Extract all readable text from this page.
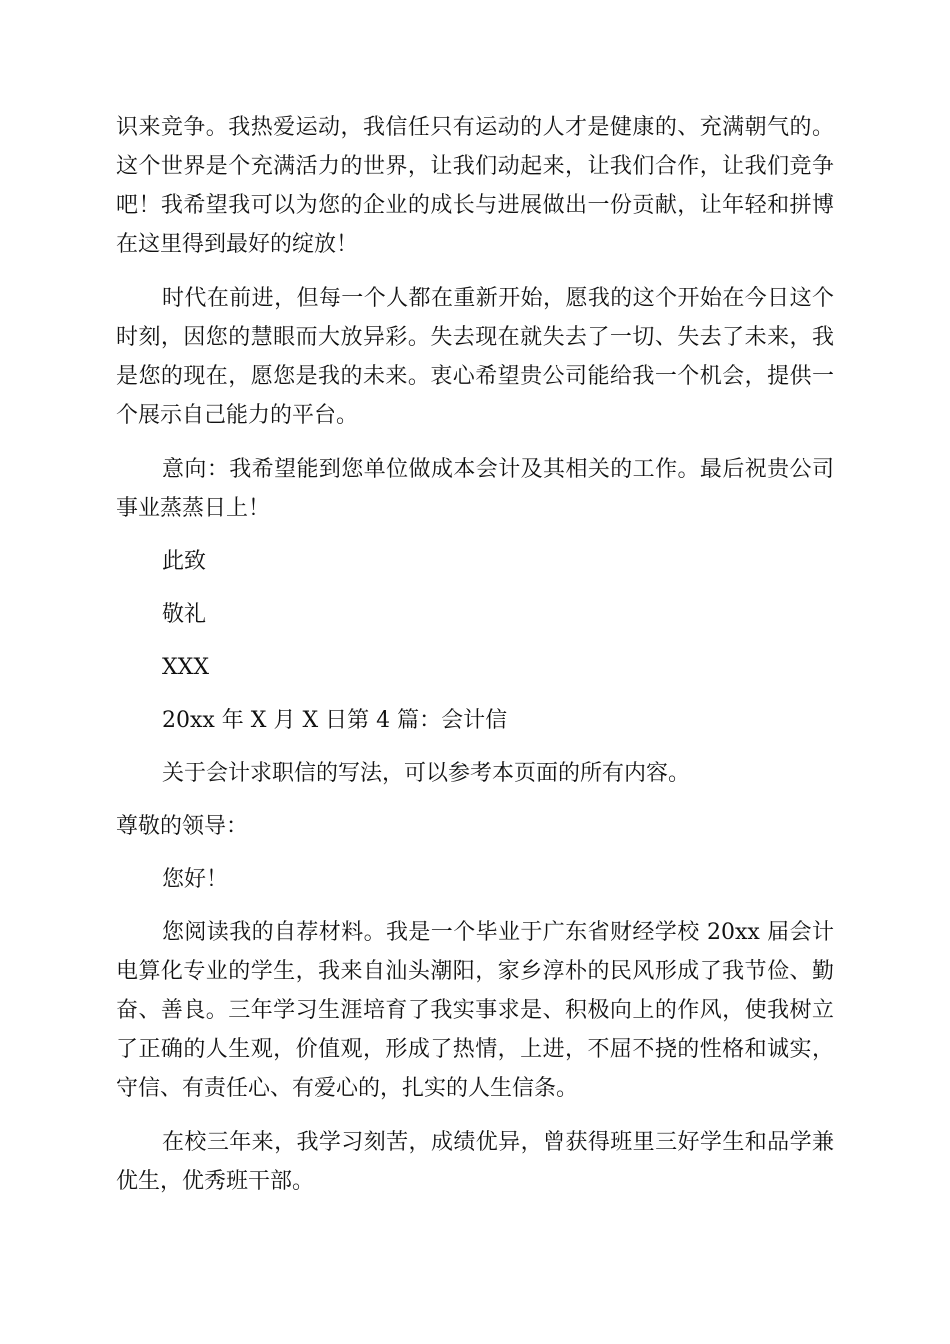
识来竞争。我热爱运动，我信任只有运动的人才是健康的、充满朝气的。这个世界是个充满活力的世界，让我们动起来，让我们合作，让我们竞争吧！我希望我可以为您的企业的成长与进展做出一份贡献，让年轻和拼博在这里得到最好的绽放！

时代在前进，但每一个人都在重新开始，愿我的这个开始在今日这个时刻，因您的慧眼而大放异彩。失去现在就失去了一切、失去了未来，我是您的现在，愿您是我的未来。衷心希望贵公司能给我一个机会，提供一个展示自己能力的平台。

意向：我希望能到您单位做成本会计及其相关的工作。最后祝贵公司事业蒸蒸日上！

此致

敬礼

XXX

20xx 年 X 月 X 日第 4 篇：会计信

关于会计求职信的写法，可以参考本页面的所有内容。

尊敬的领导：

您好！

您阅读我的自荐材料。我是一个毕业于广东省财经学校 20xx 届会计电算化专业的学生，我来自汕头潮阳，家乡淳朴的民风形成了我节俭、勤奋、善良。三年学习生涯培育了我实事求是、积极向上的作风，使我树立了正确的人生观，价值观，形成了热情，上进，不屈不挠的性格和诚实，守信、有责任心、有爱心的，扎实的人生信条。

在校三年来，我学习刻苦，成绩优异，曾获得班里三好学生和品学兼优生，优秀班干部。
